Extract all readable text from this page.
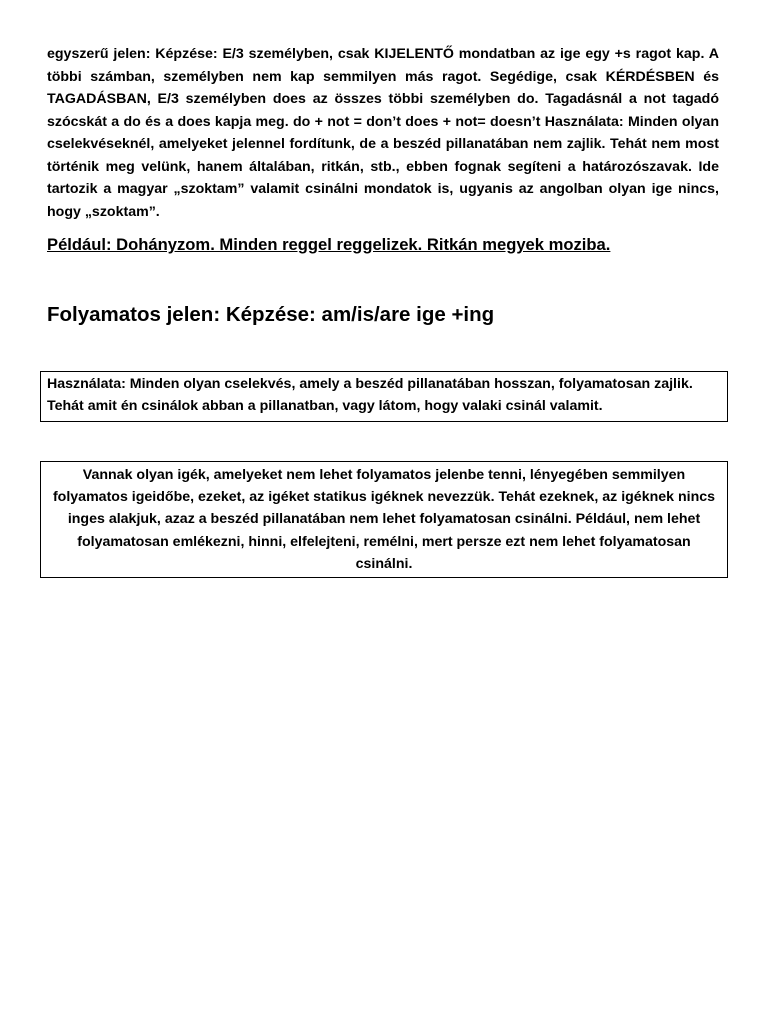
egyszerű jelen: Képzése: E/3 személyben, csak KIJELENTŐ mondatban az ige egy +s ragot kap. A többi számban, személyben nem kap semmilyen más ragot. Segédige, csak KÉRDÉSBEN és TAGADÁSBAN, E/3 személyben does az összes többi személyben do. Tagadásnál a not tagadó szócskát a do és a does kapja meg. do + not = don’t does + not= doesn’t Használata: Minden olyan cselekvéseknél, amelyeket jelennel fordítunk, de a beszéd pillanatában nem zajlik. Tehát nem most történik meg velünk, hanem általában, ritkán, stb., ebben fognak segíteni a határozószavak. Ide tartozik a magyar „szoktam” valamit csinálni mondatok is, ugyanis az angolban olyan ige nincs, hogy „szoktam”.

Például: Dohányzom. Minden reggel reggelizek. Ritkán megyek moziba.

Folyamatos jelen: Képzése: am/is/are ige +ing

Használata: Minden olyan cselekvés, amely a beszéd pillanatában hosszan, folyamatosan zajlik. Tehát amit én csinálok abban a pillanatban, vagy látom, hogy valaki csinál valamit.

Vannak olyan igék, amelyeket nem lehet folyamatos jelenbe tenni, lényegében semmilyen folyamatos igeidőbe, ezeket, az igéket statikus igéknek nevezzük. Tehát ezeknek, az igéknek nincs inges alakjuk, azaz a beszéd pillanatában nem lehet folyamatosan csinálni. Például, nem lehet folyamatosan emlékezni, hinni, elfelejteni, remélni, mert persze ezt nem lehet folyamatosan csinálni.
